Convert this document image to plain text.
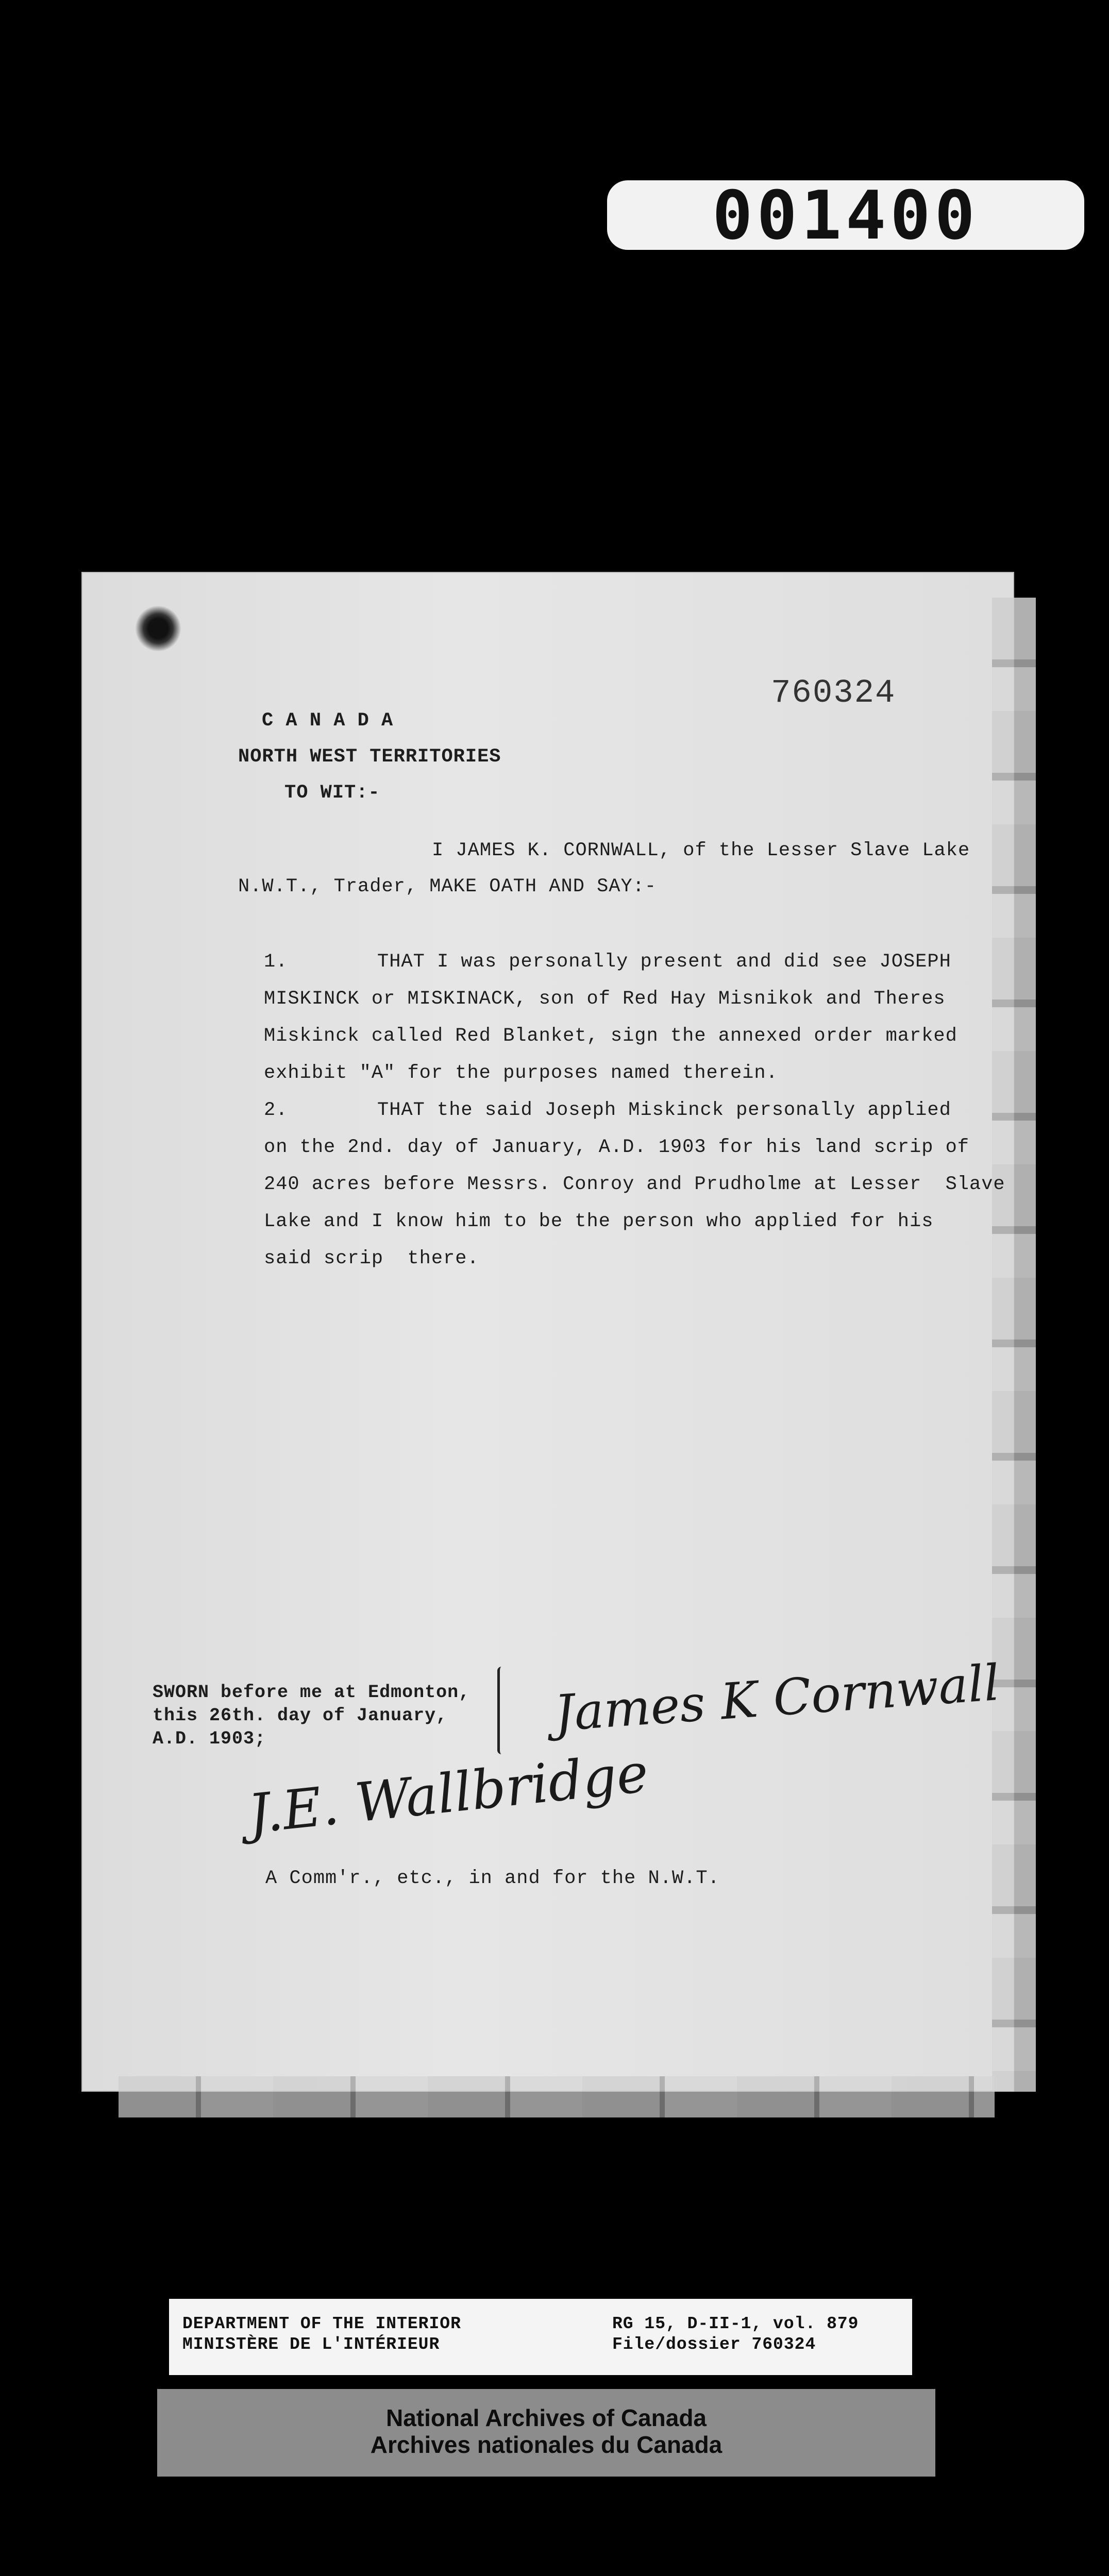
001400
760324
C A N A D A
NORTH WEST TERRITORIES
TO WIT:-
I JAMES K. CORNWALL, of the Lesser Slave Lake
N.W.T., Trader, MAKE OATH AND SAY:-
1.	THAT I was personally present and did see JOSEPH
MISKINCK or MISKINACK, son of Red Hay Misnikok and Theres
Miskinck called Red Blanket, sign the annexed order marked
exhibit "A" for the purposes named therein.
2.	THAT the said Joseph Miskinck personally applied
on the 2nd. day of January, A.D. 1903 for his land scrip of
240 acres before Messrs. Conroy and Prudholme at Lesser  Slave
Lake and I know him to be the person who applied for his
said scrip  there.
SWORN before me at Edmonton,
this 26th. day of January,
A.D. 1903;	James K Cornwall
J.E. Wallbridge
A Comm'r., etc., in and for the N.W.T.
DEPARTMENT OF THE INTERIOR
MINISTÈRE DE L'INTÉRIEUR
RG 15, D-II-1, vol. 879
File/dossier 760324
National Archives of Canada
Archives nationales du Canada
